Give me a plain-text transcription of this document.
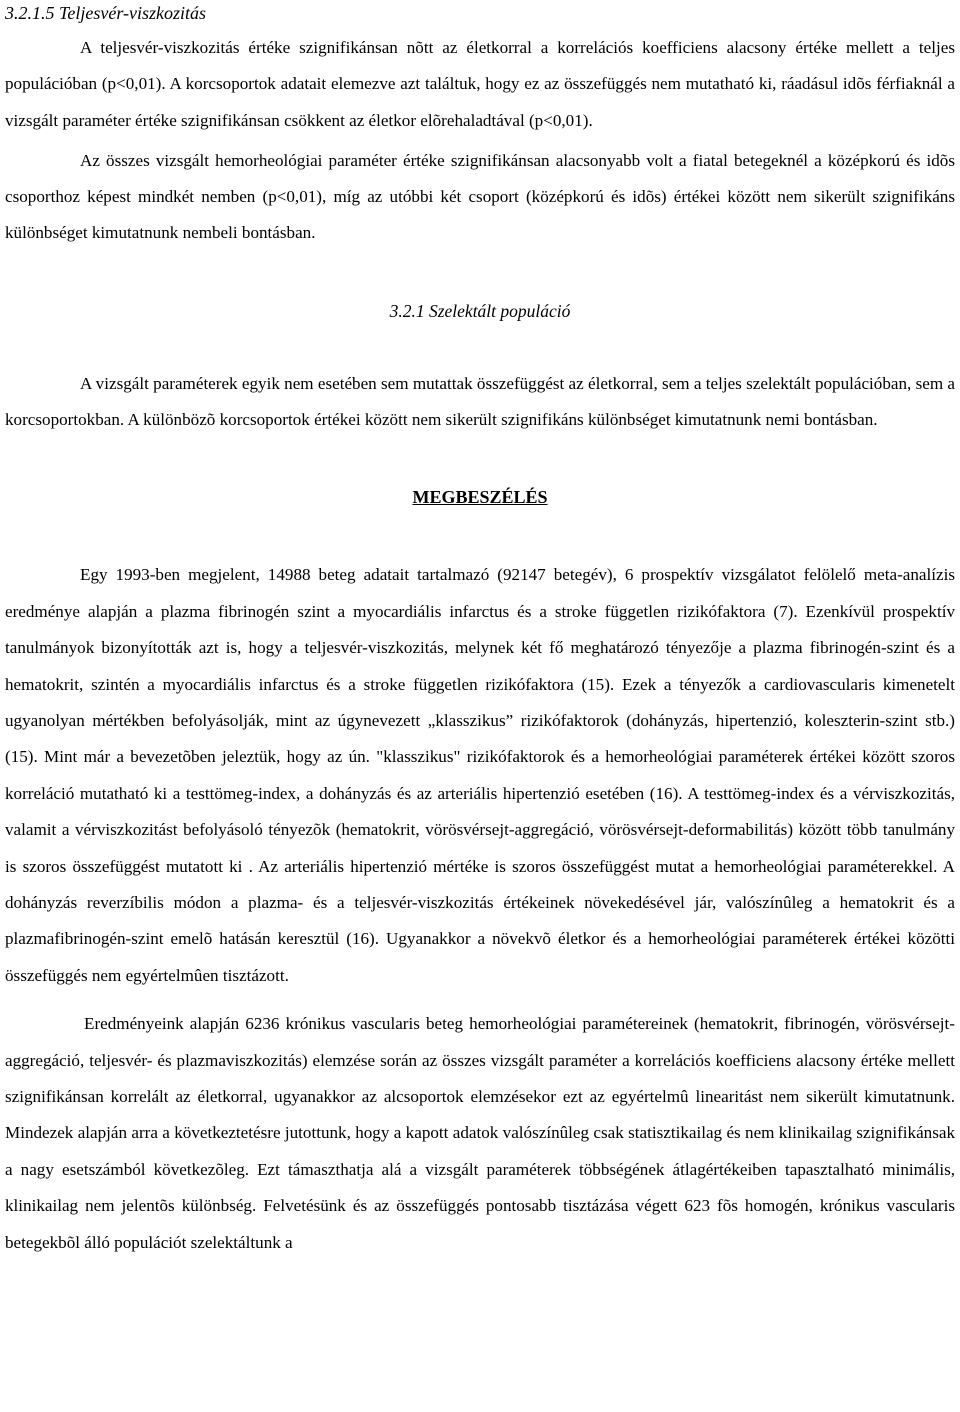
3.2.1.5 Teljesvér-viszkozitás

A teljesvér-viszkozitás értéke szignifikánsan nõtt az életkorral a korrelációs koefficiens alacsony értéke mellett a teljes populációban (p<0,01). A korcsoportok adatait elemezve azt találtuk, hogy ez az összefüggés nem mutatható ki, ráadásul idõs férfiaknál a vizsgált paraméter értéke szignifikánsan csökkent az életkor elõrehaladtával (p<0,01).

Az összes vizsgált hemorheológiai paraméter értéke szignifikánsan alacsonyabb volt a fiatal betegeknél a középkorú és idõs csoporthoz képest mindkét nemben (p<0,01), míg az utóbbi két csoport (középkorú és idõs) értékei között nem sikerült szignifikáns különbséget kimutatnunk nembeli bontásban.

3.2.1 Szelektált populáció

A vizsgált paraméterek egyik nem esetében sem mutattak összefüggést az életkorral, sem a teljes szelektált populációban, sem a korcsoportokban. A különbözõ korcsoportok értékei között nem sikerült szignifikáns különbséget kimutatnunk nemi bontásban.

MEGBESZÉLÉS

Egy 1993-ben megjelent, 14988 beteg adatait tartalmazó (92147 betegév), 6 prospektív vizsgálatot felölelő meta-analízis eredménye alapján a plazma fibrinogén szint a myocardiális infarctus és a stroke független rizikófaktora (7). Ezenkívül prospektív tanulmányok bizonyították azt is, hogy a teljesvér-viszkozitás, melynek két fő meghatározó tényezője a plazma fibrinogén-szint és a hematokrit, szintén a myocardiális infarctus és a stroke független rizikófaktora (15). Ezek a tényezők a cardiovascularis kimenetelt ugyanolyan mértékben befolyásolják, mint az úgynevezett „klasszikus” rizikófaktorok (dohányzás, hipertenzió, koleszterin-szint stb.) (15). Mint már a bevezetõben jeleztük, hogy az ún. "klasszikus" rizikófaktorok és a hemorheológiai paraméterek értékei között szoros korreláció mutatható ki a testtömeg-index, a dohányzás és az arteriális hipertenzió esetében (16). A testtömeg-index és a vérviszkozitás, valamit a vérviszkozitást befolyásoló tényezõk (hematokrit, vörösvérsejt-aggregáció, vörösvérsejt-deformabilitás) között több tanulmány is szoros összefüggést mutatott ki . Az arteriális hipertenzió mértéke is szoros összefüggést mutat a hemorheológiai paraméterekkel. A dohányzás reverzíbilis módon a plazma- és a teljesvér-viszkozitás értékeinek növekedésével jár, valószínûleg a hematokrit és a plazmafibrinogén-szint emelõ hatásán keresztül (16). Ugyanakkor a növekvõ életkor és a hemorheológiai paraméterek értékei közötti összefüggés nem egyértelmûen tisztázott.

Eredményeink alapján 6236 krónikus vascularis beteg hemorheológiai paramétereinek (hematokrit, fibrinogén, vörösvérsejt-aggregáció, teljesvér- és plazmaviszkozitás) elemzése során az összes vizsgált paraméter a korrelációs koefficiens alacsony értéke mellett szignifikánsan korrelált az életkorral, ugyanakkor az alcsoportok elemzésekor ezt az egyértelmû linearitást nem sikerült kimutatnunk. Mindezek alapján arra a következtetésre jutottunk, hogy a kapott adatok valószínûleg csak statisztikailag és nem klinikailag szignifikánsak a nagy esetszámból következõleg. Ezt támaszthatja alá a vizsgált paraméterek többségének átlagértékeiben tapasztalható minimális, klinikailag nem jelentõs különbség. Felvetésünk és az összefüggés pontosabb tisztázása végett 623 fõs homogén, krónikus vascularis betegekbõl álló populációt szelektáltunk a
